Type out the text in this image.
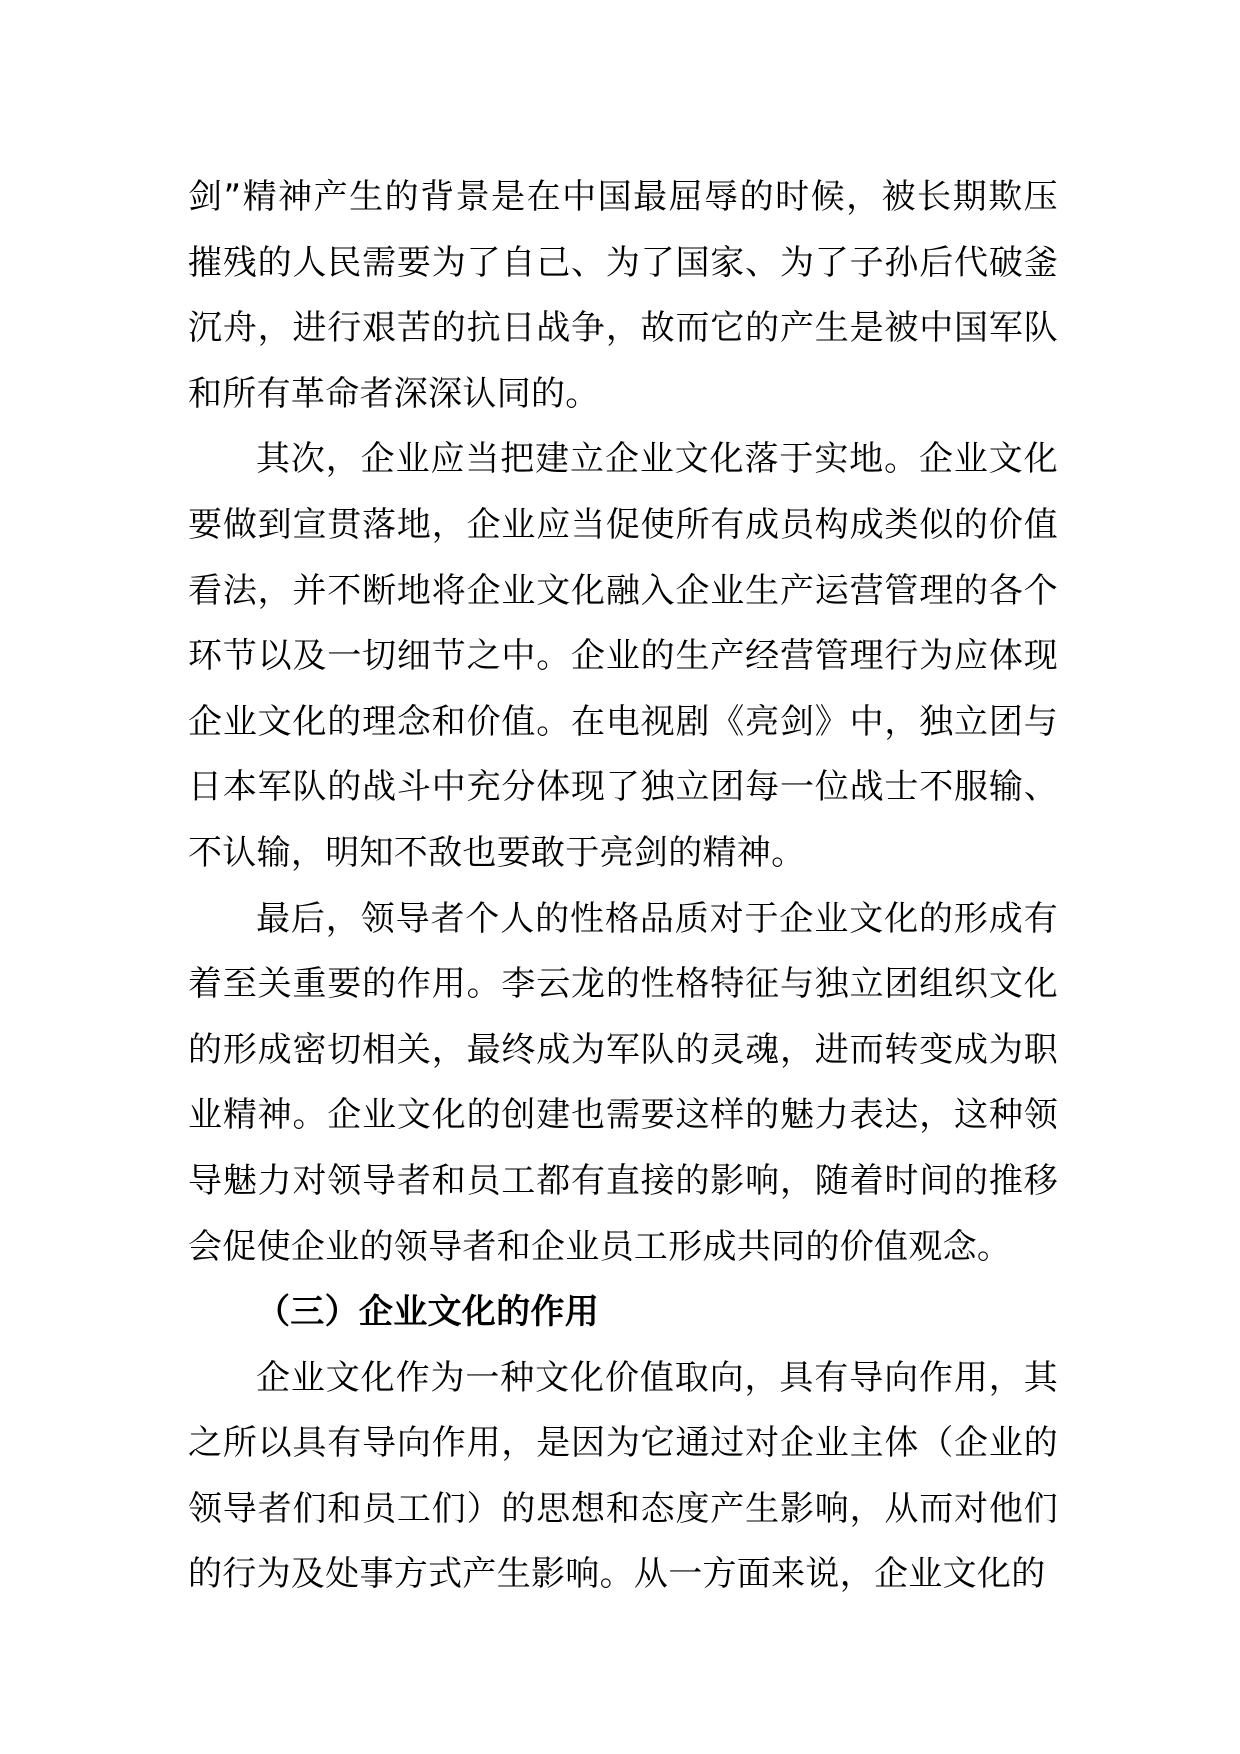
剑”精神产生的背景是在中国最屈辱的时候，被长期欺压摧残的人民需要为了自己、为了国家、为了子孙后代破釜沉舟，进行艰苦的抗日战争，故而它的产生是被中国军队和所有革命者深深认同的。

其次，企业应当把建立企业文化落于实地。企业文化要做到宣贯落地，企业应当促使所有成员构成类似的价值看法，并不断地将企业文化融入企业生产运营管理的各个环节以及一切细节之中。企业的生产经营管理行为应体现企业文化的理念和价值。在电视剧《亮剑》中，独立团与日本军队的战斗中充分体现了独立团每一位战士不服输、不认输，明知不敌也要敢于亮剑的精神。

最后，领导者个人的性格品质对于企业文化的形成有着至关重要的作用。李云龙的性格特征与独立团组织文化的形成密切相关，最终成为军队的灵魂，进而转变成为职业精神。企业文化的创建也需要这样的魅力表达，这种领导魅力对领导者和员工都有直接的影响，随着时间的推移会促使企业的领导者和企业员工形成共同的价值观念。

（三）企业文化的作用

企业文化作为一种文化价值取向，具有导向作用，其之所以具有导向作用，是因为它通过对企业主体（企业的领导者们和员工们）的思想和态度产生影响，从而对他们的行为及处事方式产生影响。从一方面来说，企业文化的
